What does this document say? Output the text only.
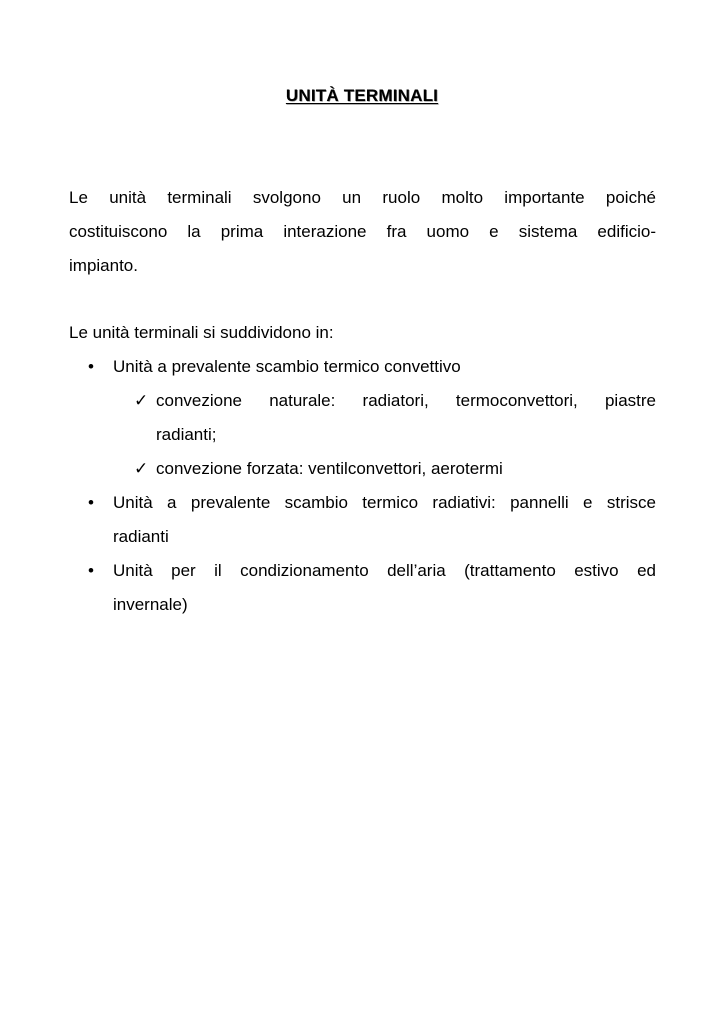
UNITÀ TERMINALI
Le unità terminali svolgono un ruolo molto importante poiché
costituiscono la prima interazione fra uomo e sistema edificio-
impianto.
Le unità terminali si suddividono in:
•	Unità a prevalente scambio termico convettivo
✓ convezione naturale: radiatori, termoconvettori, piastre
radianti;
✓ convezione forzata: ventilconvettori, aerotermi
•	Unità a prevalente scambio termico radiativi: pannelli e strisce
radianti
•	Unità per il condizionamento dell’aria (trattamento estivo ed
invernale)
